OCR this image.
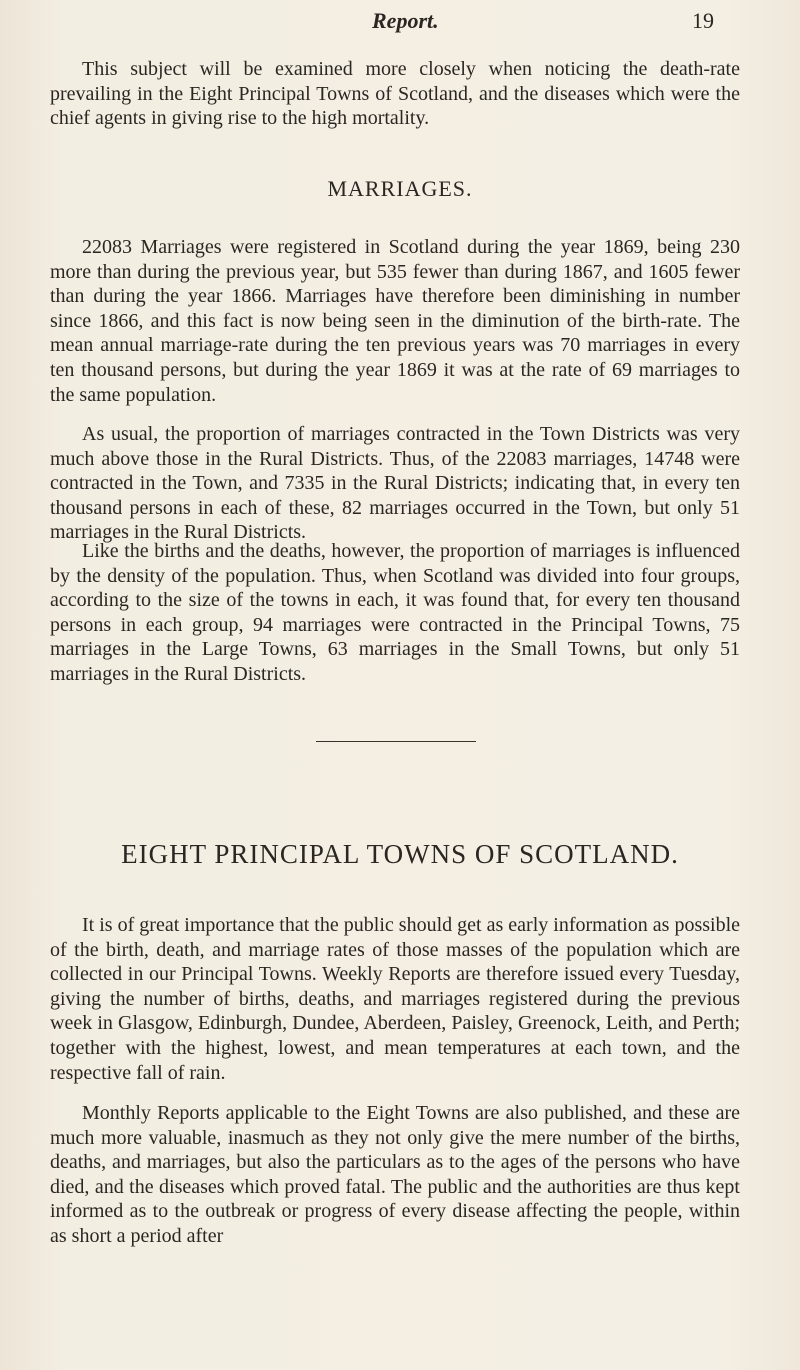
Report.	19

This subject will be examined more closely when noticing the death-rate prevailing in the Eight Principal Towns of Scotland, and the diseases which were the chief agents in giving rise to the high mortality.

MARRIAGES.

22083 Marriages were registered in Scotland during the year 1869, being 230 more than during the previous year, but 535 fewer than during 1867, and 1605 fewer than during the year 1866. Marriages have therefore been diminishing in number since 1866, and this fact is now being seen in the diminution of the birth-rate. The mean annual marriage-rate during the ten previous years was 70 marriages in every ten thousand persons, but during the year 1869 it was at the rate of 69 marriages to the same population.

As usual, the proportion of marriages contracted in the Town Districts was very much above those in the Rural Districts. Thus, of the 22083 marriages, 14748 were contracted in the Town, and 7335 in the Rural Districts; indicating that, in every ten thousand persons in each of these, 82 marriages occurred in the Town, but only 51 marriages in the Rural Districts.

Like the births and the deaths, however, the proportion of marriages is influenced by the density of the population. Thus, when Scotland was divided into four groups, according to the size of the towns in each, it was found that, for every ten thousand persons in each group, 94 marriages were contracted in the Principal Towns, 75 marriages in the Large Towns, 63 marriages in the Small Towns, but only 51 marriages in the Rural Districts.

EIGHT PRINCIPAL TOWNS OF SCOTLAND.

It is of great importance that the public should get as early information as possible of the birth, death, and marriage rates of those masses of the population which are collected in our Principal Towns. Weekly Reports are therefore issued every Tuesday, giving the number of births, deaths, and marriages registered during the previous week in Glasgow, Edinburgh, Dundee, Aberdeen, Paisley, Greenock, Leith, and Perth; together with the highest, lowest, and mean temperatures at each town, and the respective fall of rain.

Monthly Reports applicable to the Eight Towns are also published, and these are much more valuable, inasmuch as they not only give the mere number of the births, deaths, and marriages, but also the particulars as to the ages of the persons who have died, and the diseases which proved fatal. The public and the authorities are thus kept informed as to the outbreak or progress of every disease affecting the people, within as short a period after
